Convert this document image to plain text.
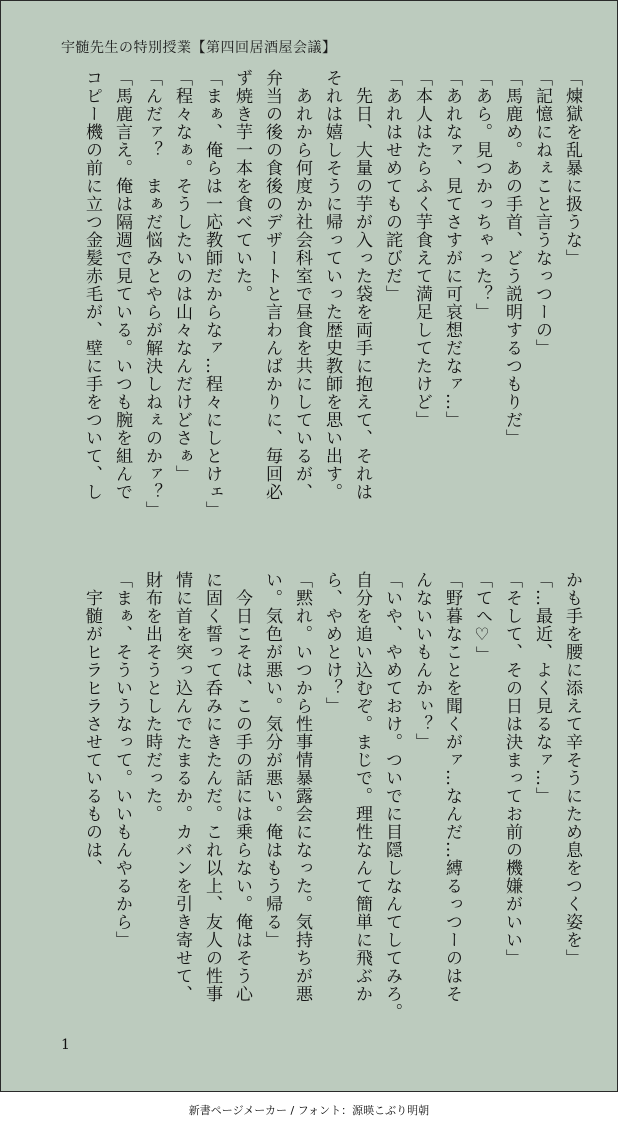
宇髄先生の特別授業【第四回居酒屋会議】

「煉獄を乱暴に扱うな」

「記憶にねぇこと言うなっつーの」

「馬鹿め。あの手首、どう説明するつもりだ」

「あら。見つかっちゃった？」

「あれなァ、見てさすがに可哀想だなァ…」

「本人はたらふく芋食えて満足してたけど」

「あれはせめてもの詫びだ」

　先日、大量の芋が入った袋を両手に抱えて、それは

それは嬉しそうに帰っていった歴史教師を思い出す。

　あれから何度か社会科室で昼食を共にしているが、

弁当の後の食後のデザートと言わんばかりに、毎回必

ず焼き芋一本を食べていた。

「まぁ、俺らは一応教師だからなァ…程々にしとけェ」

「程々なぁ。そうしたいのは山々なんだけどさぁ」

「んだァ？　まぁだ悩みとやらが解決しねぇのかァ？」

「馬鹿言え。俺は隔週で見ている。いつも腕を組んで

コピー機の前に立つ金髪赤毛が、壁に手をついて、し

かも手を腰に添えて辛そうにため息をつく姿を」

「…最近、よく見るなァ…」

「そして、その日は決まってお前の機嫌がいい」

「てへ♡」

「野暮なことを聞くがァ…なんだ…縛るっつーのはそ

んないいもんかぃ？」

「いや、やめておけ。ついでに目隠しなんてしてみろ。

自分を追い込むぞ。まじで。理性なんて簡単に飛ぶか

ら、やめとけ？」

「黙れ。いつから性事情暴露会になった。気持ちが悪

い。気色が悪い。気分が悪い。俺はもう帰る」

　今日こそは、この手の話には乗らない。俺はそう心

に固く誓って呑みにきたんだ。これ以上、友人の性事

情に首を突っ込んでたまるか。カバンを引き寄せて、

財布を出そうとした時だった。

「まぁ、そういうなって。いいもんやるから」

　宇髄がヒラヒラさせているものは、

1
新書ページメーカー / フォント：源暎こぶり明朝
